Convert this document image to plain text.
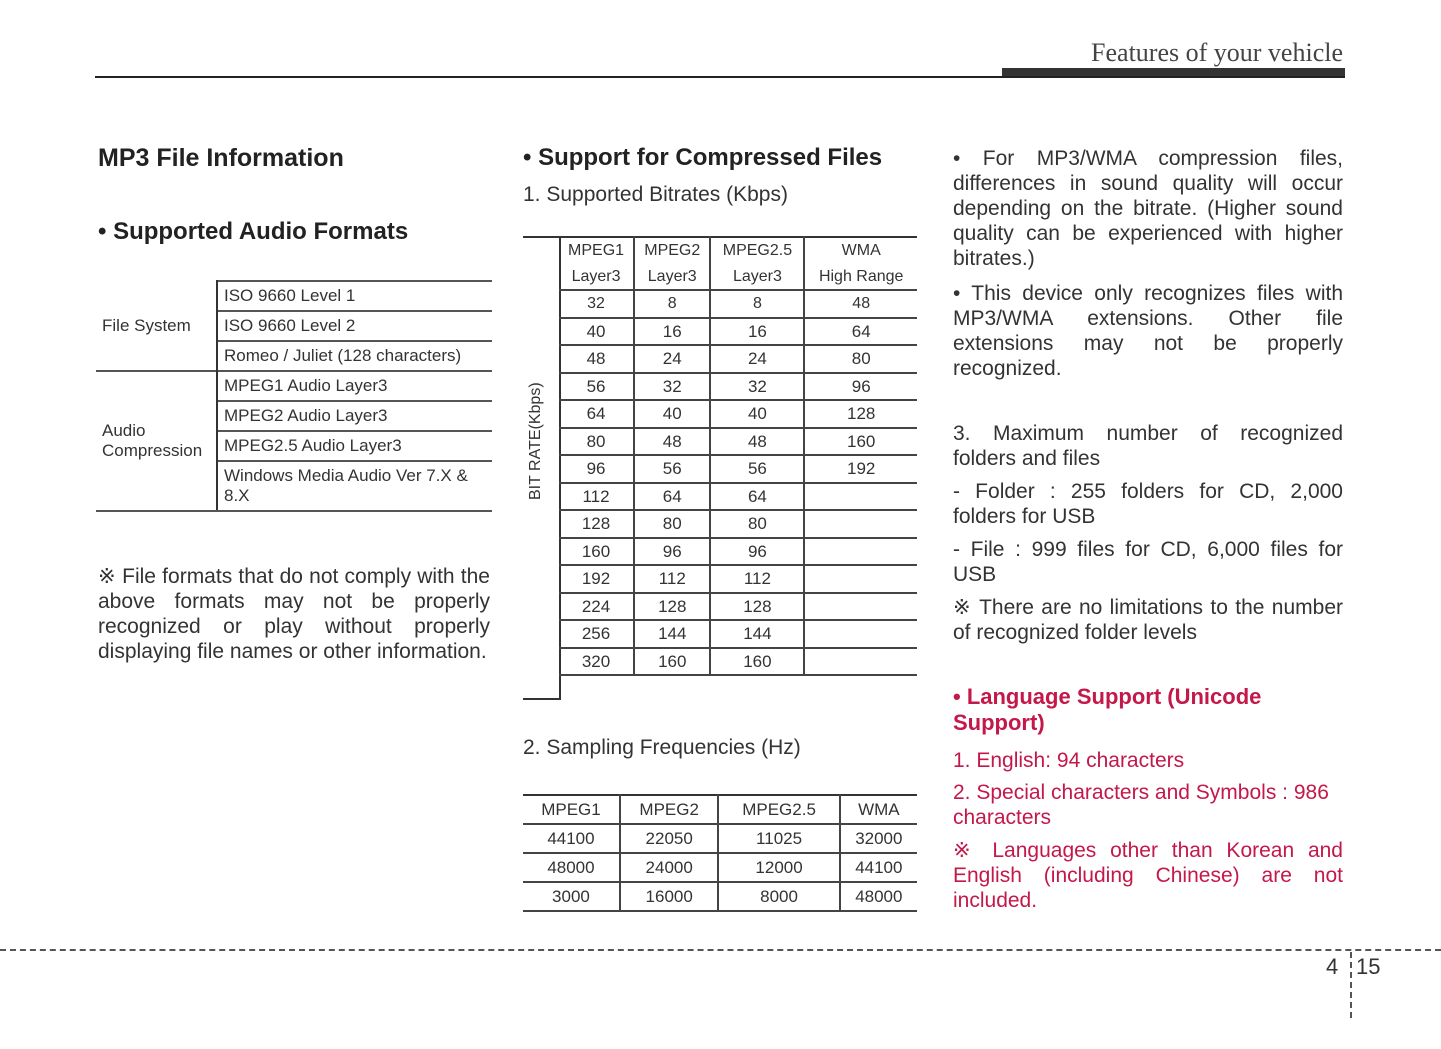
Features of your vehicle
MP3 File Information
• Supported Audio Formats
File System	ISO 9660 Level 1
	ISO 9660 Level 2
	Romeo / Juliet (128 characters)

Audio
Compression	MPEG1 Audio Layer3
	MPEG2 Audio Layer3
	MPEG2.5 Audio Layer3
	Windows Media Audio Ver 7.X & 8.X
※ File formats that do not comply with the above formats may not be properly recognized or play without properly displaying file names or other information.
• Support for Compressed Files
1. Supported Bitrates (Kbps)
BIT RATE(Kbps)
MPEG1	MPEG2	MPEG2.5	WMA
Layer3	Layer3	Layer3	High Range
32	8	8	48
40	16	16	64
48	24	24	80
56	32	32	96
64	40	40	128
80	48	48	160
96	56	56	192
112	64	64	
128	80	80	
160	96	96	
192	112	112	
224	128	128	
256	144	144	
320	160	160	
2. Sampling Frequencies (Hz)
MPEG1	MPEG2	MPEG2.5	WMA
44100	22050	11025	32000
48000	24000	12000	44100
3000	16000	8000	48000
• For MP3/WMA compression files, differences in sound quality will occur depending on the bitrate. (Higher sound quality can be experienced with higher bitrates.)
• This device only recognizes files with MP3/WMA extensions. Other file extensions may not be properly recognized.
3. Maximum number of recognized folders and files
- Folder : 255 folders for CD, 2,000 folders for USB
- File : 999 files for CD, 6,000 files for USB
※ There are no limitations to the number of recognized folder levels
• Language Support (Unicode Support)
1. English: 94 characters
2. Special characters and Symbols : 986 characters
※ Languages other than Korean and English (including Chinese) are not included.
4 15
